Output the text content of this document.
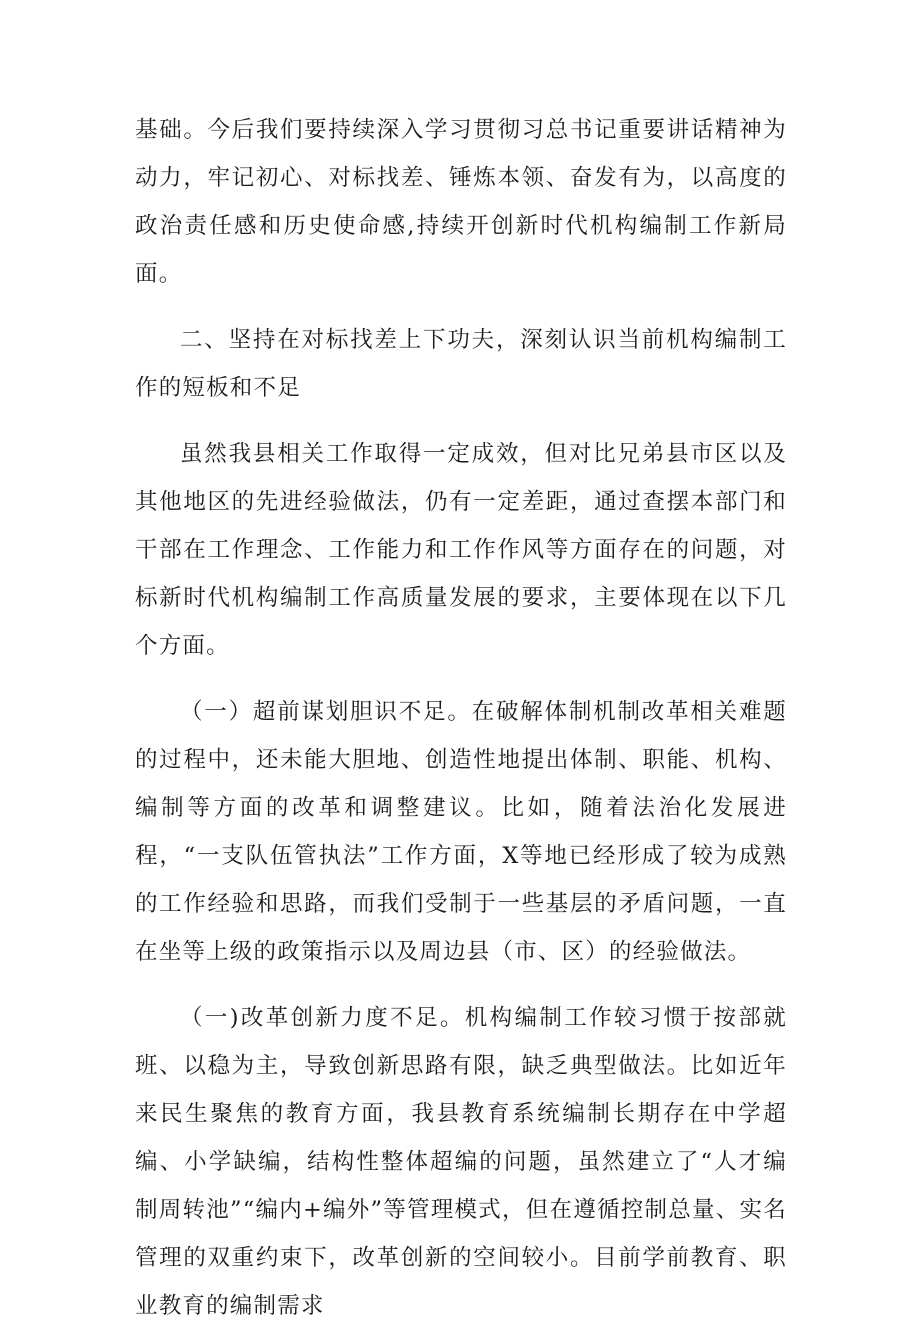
基础。今后我们要持续深入学习贯彻习总书记重要讲话精神为动力，牢记初心、对标找差、锤炼本领、奋发有为，以高度的政治责任感和历史使命感,持续开创新时代机构编制工作新局面。

二、坚持在对标找差上下功夫，深刻认识当前机构编制工作的短板和不足

虽然我县相关工作取得一定成效，但对比兄弟县市区以及其他地区的先进经验做法，仍有一定差距，通过查摆本部门和干部在工作理念、工作能力和工作作风等方面存在的问题，对标新时代机构编制工作高质量发展的要求，主要体现在以下几个方面。

（一）超前谋划胆识不足。在破解体制机制改革相关难题的过程中，还未能大胆地、创造性地提出体制、职能、机构、编制等方面的改革和调整建议。比如，随着法治化发展进程，“一支队伍管执法”工作方面，X等地已经形成了较为成熟的工作经验和思路，而我们受制于一些基层的矛盾问题，一直在坐等上级的政策指示以及周边县（市、区）的经验做法。

（一)改革创新力度不足。机构编制工作较习惯于按部就班、以稳为主，导致创新思路有限，缺乏典型做法。比如近年来民生聚焦的教育方面，我县教育系统编制长期存在中学超编、小学缺编，结构性整体超编的问题，虽然建立了“人才编制周转池”“编内+编外”等管理模式，但在遵循控制总量、实名管理的双重约束下，改革创新的空间较小。目前学前教育、职业教育的编制需求
